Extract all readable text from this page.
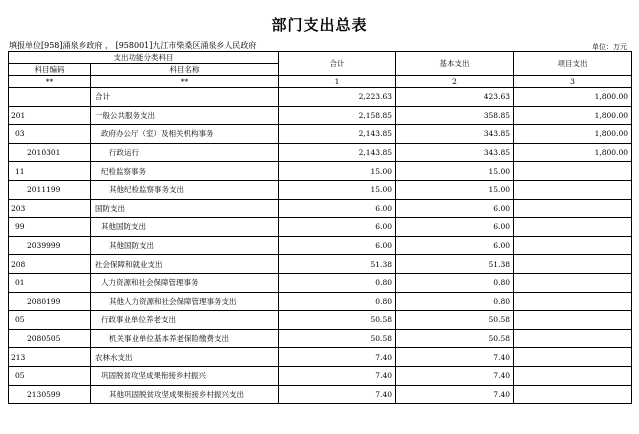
部门支出总表
填报单位[958]涌泉乡政府 ， [958001]九江市柴桑区涌泉乡人民政府	单位：万元
支出功能分类科目		合计	基本支出	项目支出
科目编码	科目名称			
**	**	1	2	3
	合计	2,223.63	423.63	1,800.00
201	一般公共服务支出	2,158.85	358.85	1,800.00
03	政府办公厅（室）及相关机构事务	2,143.85	343.85	1,800.00
2010301	行政运行	2,143.85	343.85	1,800.00
11	纪检监察事务	15.00	15.00	
2011199	其他纪检监察事务支出	15.00	15.00	
203	国防支出	6.00	6.00	
99	其他国防支出	6.00	6.00	
2039999	其他国防支出	6.00	6.00	
208	社会保障和就业支出	51.38	51.38	
01	人力资源和社会保障管理事务	0.80	0.80	
2080199	其他人力资源和社会保障管理事务支出	0.80	0.80	
05	行政事业单位养老支出	50.58	50.58	
2080505	机关事业单位基本养老保险缴费支出	50.58	50.58	
213	农林水支出	7.40	7.40	
05	巩固脱贫攻坚成果衔接乡村振兴	7.40	7.40	
2130599	其他巩固脱贫攻坚成果衔接乡村振兴支出	7.40	7.40	
